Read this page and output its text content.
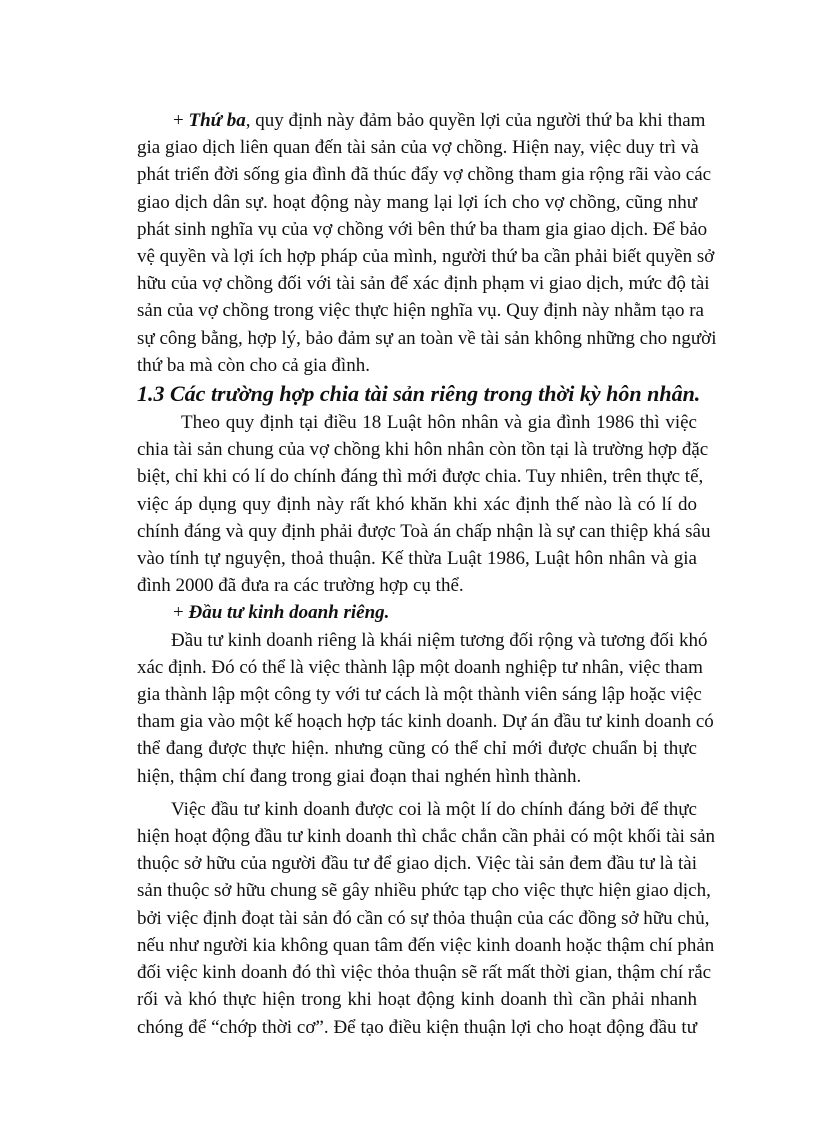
+ Thứ ba, quy định này đảm bảo quyền lợi của người thứ ba khi tham
gia giao dịch liên quan đến tài sản của vợ chồng. Hiện nay, việc duy trì và
phát triển đời sống gia đình đã thúc đẩy vợ chồng tham gia rộng rãi vào các
giao dịch dân sự. hoạt động này mang lại lợi ích cho vợ chồng, cũng như
phát sinh nghĩa vụ của vợ chồng với bên thứ ba tham gia giao dịch. Để bảo
vệ quyền và lợi ích hợp pháp của mình, người thứ ba cần phải biết quyền sở
hữu của vợ chồng đối với tài sản để xác định phạm vi giao dịch, mức độ tài
sản của vợ chồng trong việc thực hiện nghĩa vụ. Quy định này nhằm tạo ra
sự công bằng, hợp lý, bảo đảm sự an toàn về tài sản không những cho người
thứ ba mà còn cho cả gia đình.

1.3 Các trường hợp chia tài sản riêng trong thời kỳ hôn nhân.

Theo quy định tại điều 18 Luật hôn nhân và gia đình 1986 thì việc
chia tài sản chung của vợ chồng khi hôn nhân còn tồn tại là trường hợp đặc
biệt, chỉ khi có lí do chính đáng thì mới được chia. Tuy nhiên, trên thực tế,
việc áp dụng quy định này rất khó khăn khi xác định thế nào là có lí do
chính đáng và quy định phải được Toà án chấp nhận là sự can thiệp khá sâu
vào tính tự nguyện, thoả thuận. Kế thừa Luật 1986, Luật hôn nhân và gia
đình 2000 đã đưa ra các trường hợp cụ thể.

+ Đầu tư kinh doanh riêng.

Đầu tư kinh doanh riêng là khái niệm tương đối rộng và tương đối khó
xác định. Đó có thể là việc thành lập một doanh nghiệp tư nhân, việc tham
gia thành lập một công ty với tư cách là một thành viên sáng lập hoặc việc
tham gia vào một kế hoạch hợp tác kinh doanh. Dự án đầu tư kinh doanh có
thể đang được thực hiện. nhưng cũng có thể chỉ mới được chuẩn bị thực
hiện, thậm chí đang trong giai đoạn thai nghén hình thành.

Việc đầu tư kinh doanh được coi là một lí do chính đáng bởi để thực
hiện hoạt động đầu tư kinh doanh thì chắc chắn cần phải có một khối tài sản
thuộc sở hữu của người đầu tư để giao dịch. Việc tài sản đem đầu tư là tài
sản thuộc sở hữu chung sẽ gây nhiều phức tạp cho việc thực hiện giao dịch,
bởi việc định đoạt tài sản đó cần có sự thỏa thuận của các đồng sở hữu chủ,
nếu như người kia không quan tâm đến việc kinh doanh hoặc thậm chí phản
đối việc kinh doanh đó thì việc thỏa thuận sẽ rất mất thời gian, thậm chí rắc
rối và khó thực hiện trong khi hoạt động kinh doanh thì cần phải nhanh
chóng để “chớp thời cơ”. Để tạo điều kiện thuận lợi cho hoạt động đầu tư
